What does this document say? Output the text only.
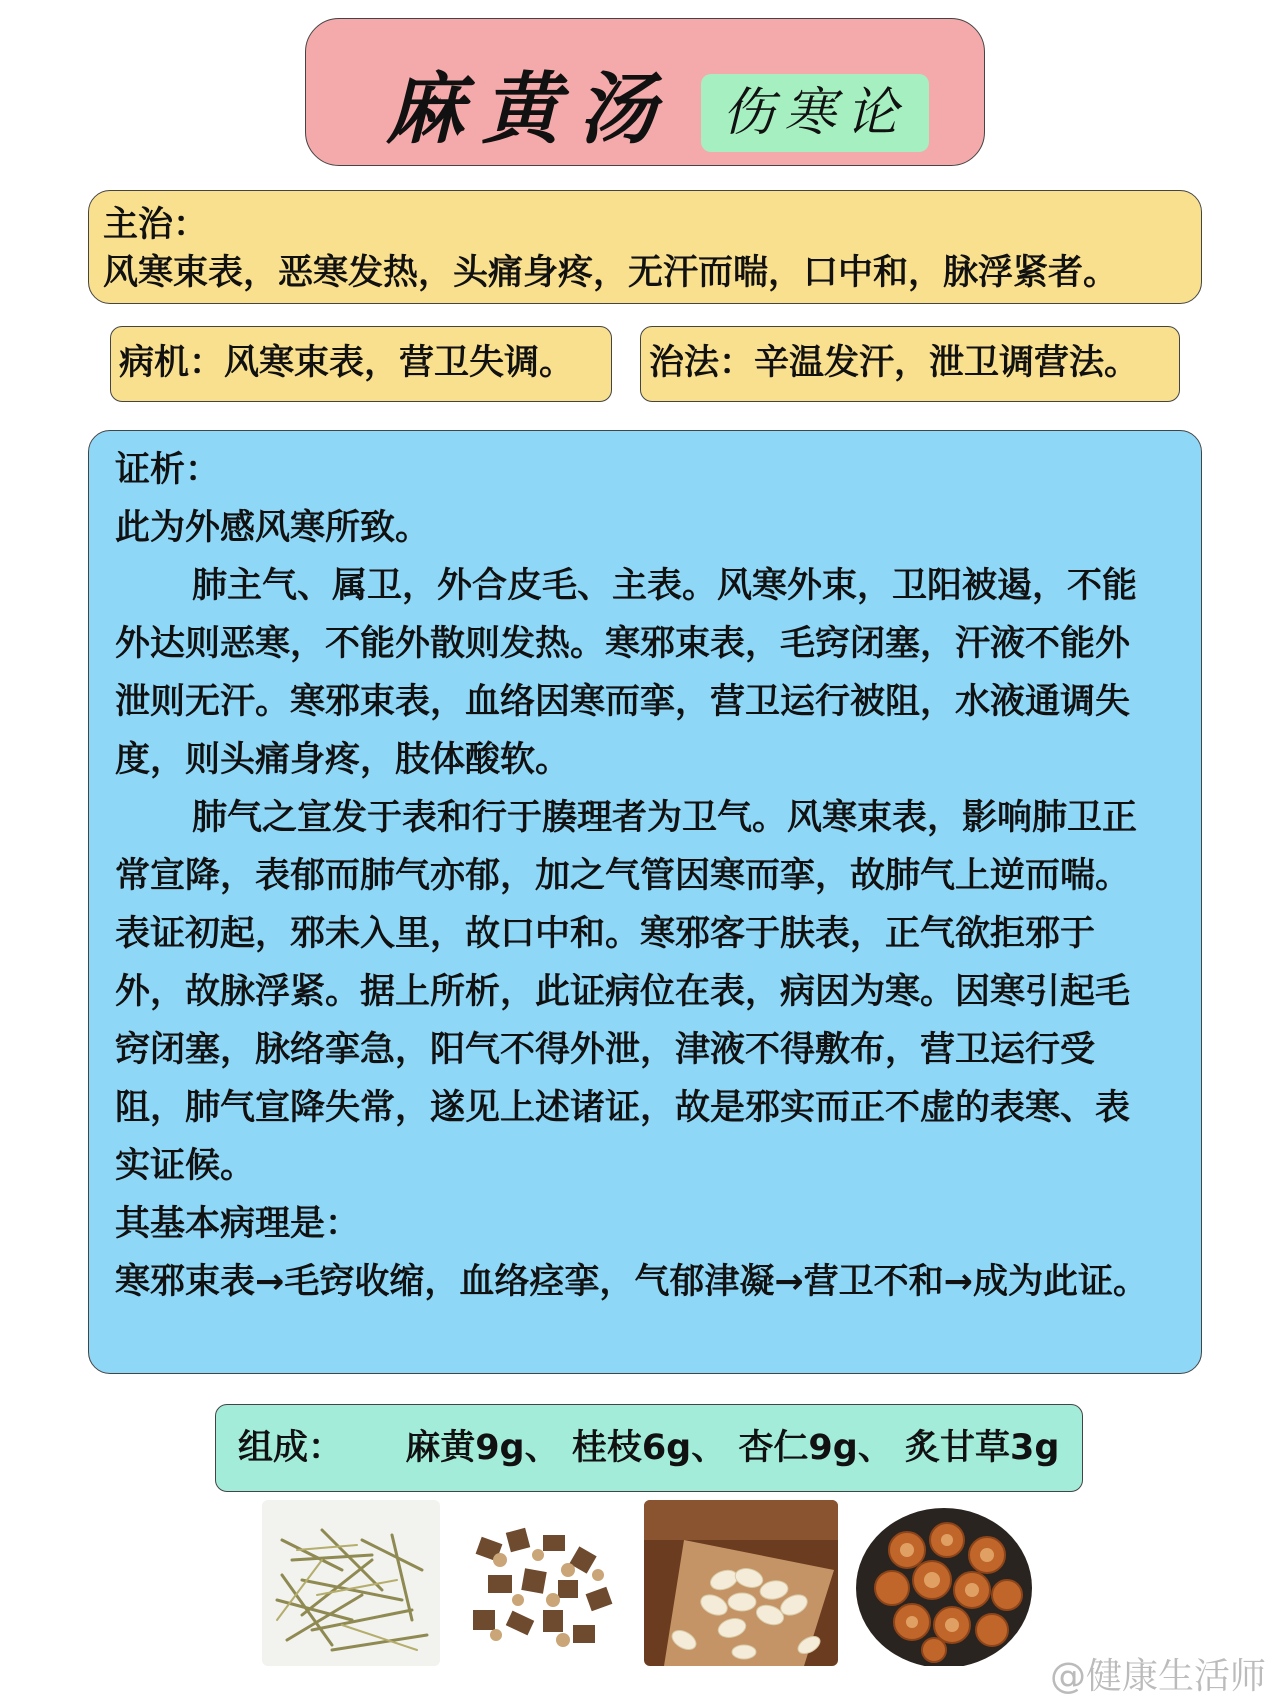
麻黄汤 伤寒论
主治：
风寒束表，恶寒发热，头痛身疼，无汗而喘，口中和，脉浮紧者。
病机：风寒束表，营卫失调。	治法：辛温发汗，泄卫调营法。

证析：

此为外感风寒所致。

肺主气、属卫，外合皮毛、主表。风寒外束，卫阳被遏，不能外达则恶寒，不能外散则发热。寒邪束表，毛窍闭塞，汗液不能外泄则无汗。寒邪束表，血络因寒而挛，营卫运行被阻，水液通调失度，则头痛身疼，肢体酸软。

肺气之宣发于表和行于腠理者为卫气。风寒束表，影响肺卫正常宣降，表郁而肺气亦郁，加之气管因寒而挛，故肺气上逆而喘。表证初起，邪未入里，故口中和。寒邪客于肤表，正气欲拒邪于外，故脉浮紧。据上所析，此证病位在表，病因为寒。因寒引起毛窍闭塞，脉络挛急，阳气不得外泄，津液不得敷布，营卫运行受阻，肺气宣降失常，遂见上述诸证，故是邪实而正不虚的表寒、表实证候。

其基本病理是：

寒邪束表→毛窍收缩，血络痉挛，气郁津凝→营卫不和→成为此证。

组成： 麻黄9g、 桂枝6g、 杏仁9g、 炙甘草3g
@健康生活师
